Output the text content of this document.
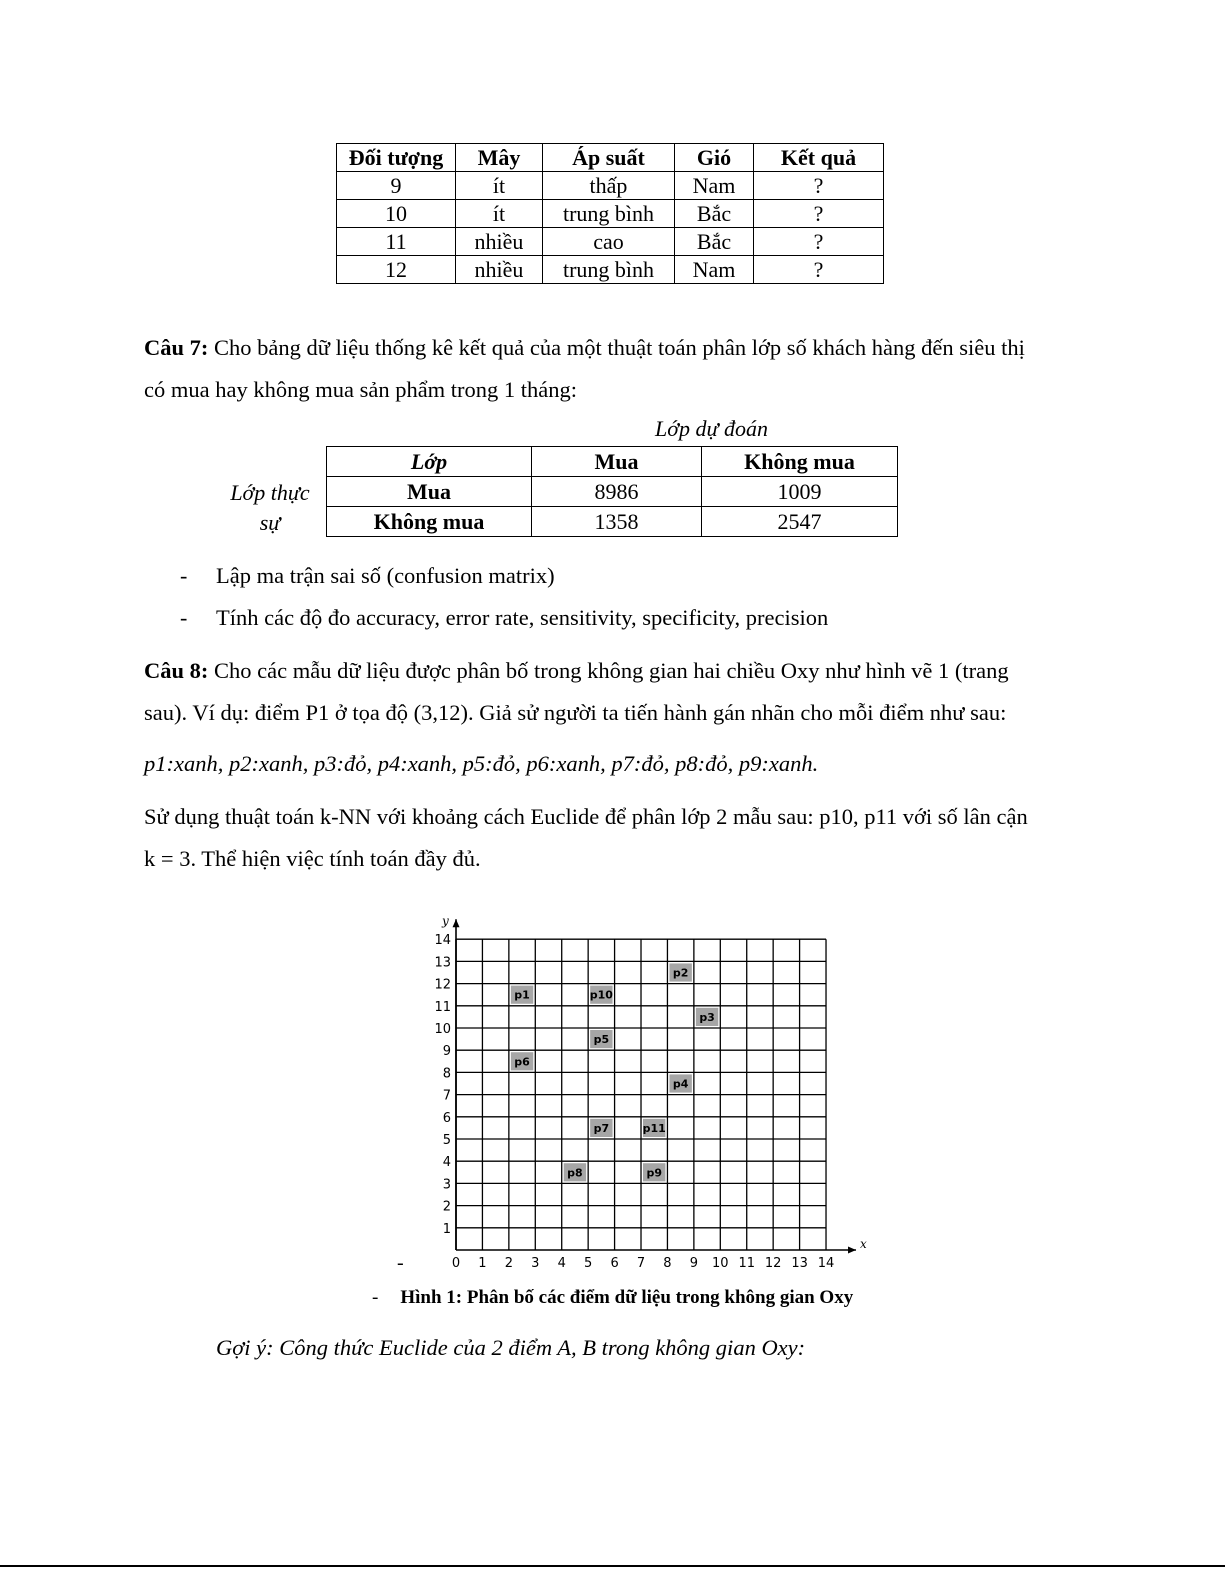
Đối tượng	Mây	Áp suất	Gió	Kết quả
9	ít	thấp	Nam	?
10	ít	trung bình	Bắc	?
11	nhiều	cao	Bắc	?
12	nhiều	trung bình	Nam	?
Câu 7: Cho bảng dữ liệu thống kê kết quả của một thuật toán phân lớp số khách hàng đến siêu thị
có mua hay không mua sản phẩm trong 1 tháng:
Lớp dự đoán
Lớp thực sự
Lớp	Mua	Không mua
Mua	8986	1009
Không mua	1358	2547
- Lập ma trận sai số (confusion matrix)
- Tính các độ đo accuracy, error rate, sensitivity, specificity, precision
Câu 8: Cho các mẫu dữ liệu được phân bố trong không gian hai chiều Oxy như hình vẽ 1 (trang
sau). Ví dụ: điểm P1 ở tọa độ (3,12). Giả sử người ta tiến hành gán nhãn cho mỗi điểm như sau:
p1:xanh, p2:xanh, p3:đỏ, p4:xanh, p5:đỏ, p6:xanh, p7:đỏ, p8:đỏ, p9:xanh.
Sử dụng thuật toán k-NN với khoảng cách Euclide để phân lớp 2 mẫu sau: p10, p11 với số lân cận
k = 3. Thể hiện việc tính toán đầy đủ.
x
y
0 1 2 3 4 5 6 7 8 9 10 11 12 13 14
1
2
3
4
5
6
7
8
9
10
11
12
13
14
p1
p2
p3
p4
p5
p6
p7
p8	p9
p10
p11
-
- Hình 1: Phân bố các điểm dữ liệu trong không gian Oxy
Gợi ý: Công thức Euclide của 2 điểm A, B trong không gian Oxy:
